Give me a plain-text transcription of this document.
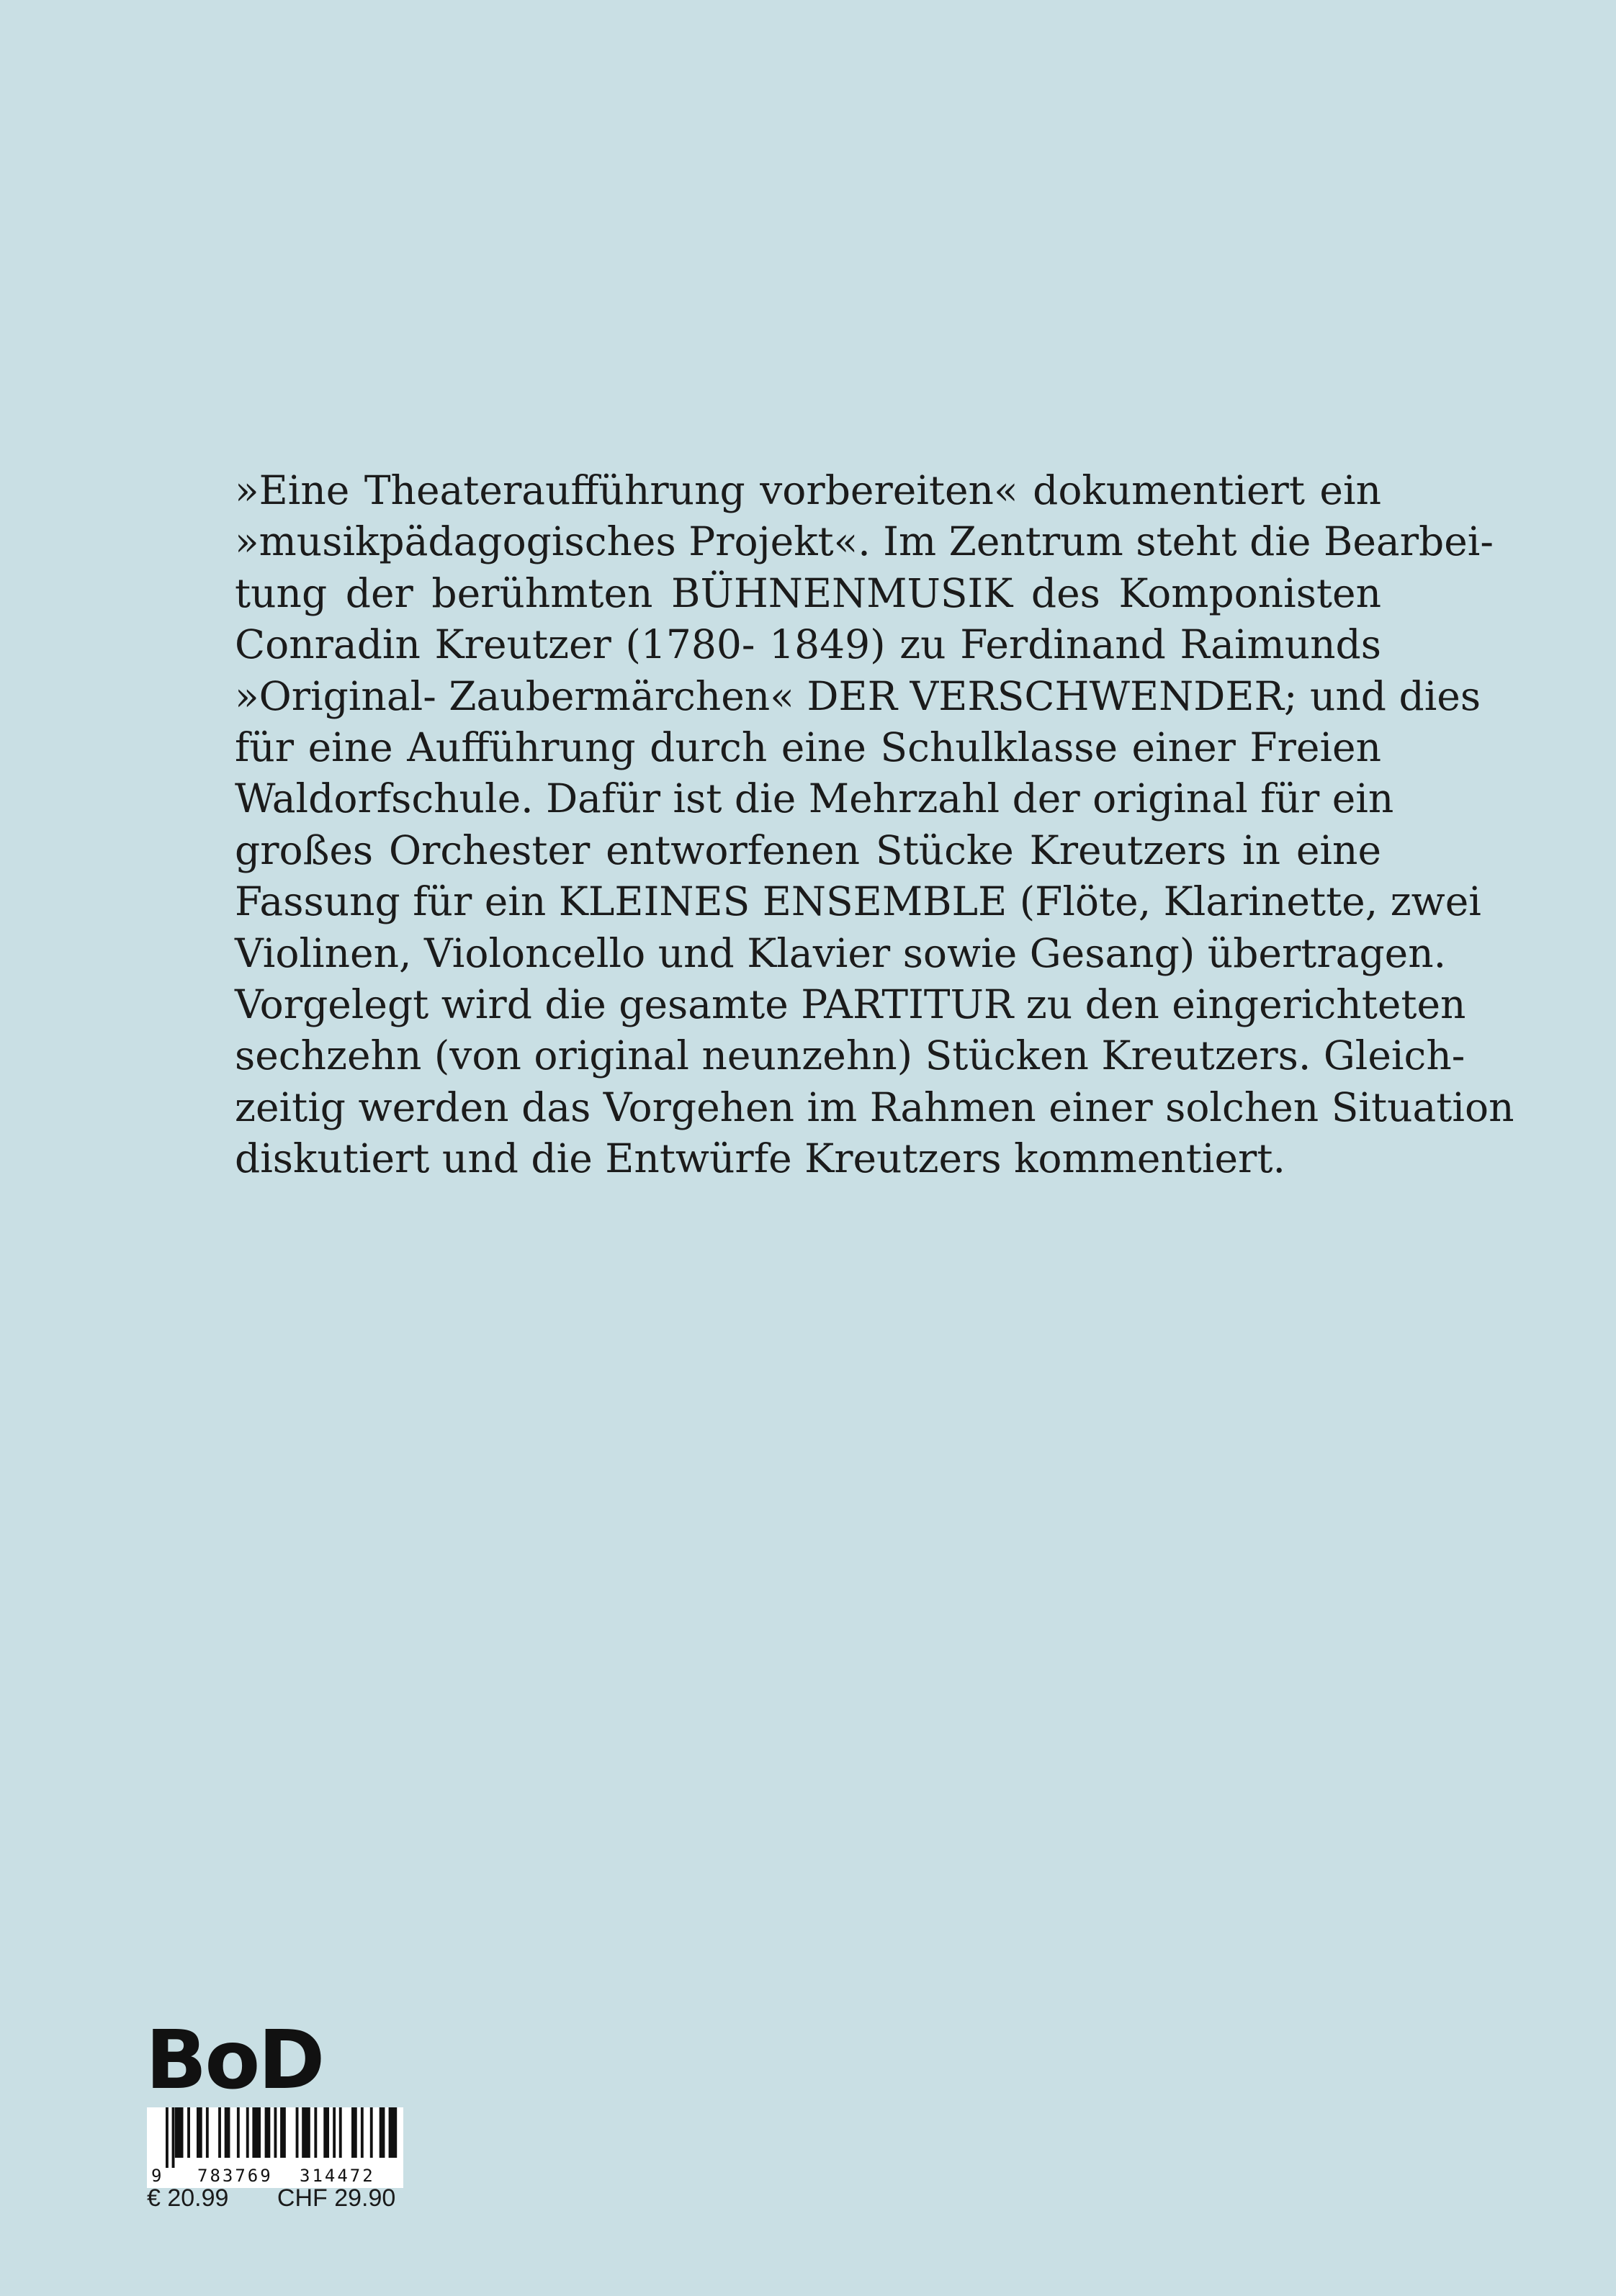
»Eine Theateraufführung vorbereiten« dokumentiert ein
»musikpädagogisches Projekt«. Im Zentrum steht die Bearbei-
tung der berühmten BÜHNENMUSIK des Komponisten
Conradin Kreutzer (1780- 1849) zu Ferdinand Raimunds
»Original- Zaubermärchen« DER VERSCHWENDER; und dies
für eine Aufführung durch eine Schulklasse einer Freien
Waldorfschule. Dafür ist die Mehrzahl der original für ein
großes Orchester entworfenen Stücke Kreutzers in eine
Fassung für ein KLEINES ENSEMBLE (Flöte, Klarinette, zwei
Violinen, Violoncello und Klavier sowie Gesang) übertragen.
Vorgelegt wird die gesamte PARTITUR zu den eingerichteten
sechzehn (von original neunzehn) Stücken Kreutzers. Gleich-
zeitig werden das Vorgehen im Rahmen einer solchen Situation
diskutiert und die Entwürfe Kreutzers kommentiert.
BoD
9 783769 314472
€ 20.99 CHF 29.90
